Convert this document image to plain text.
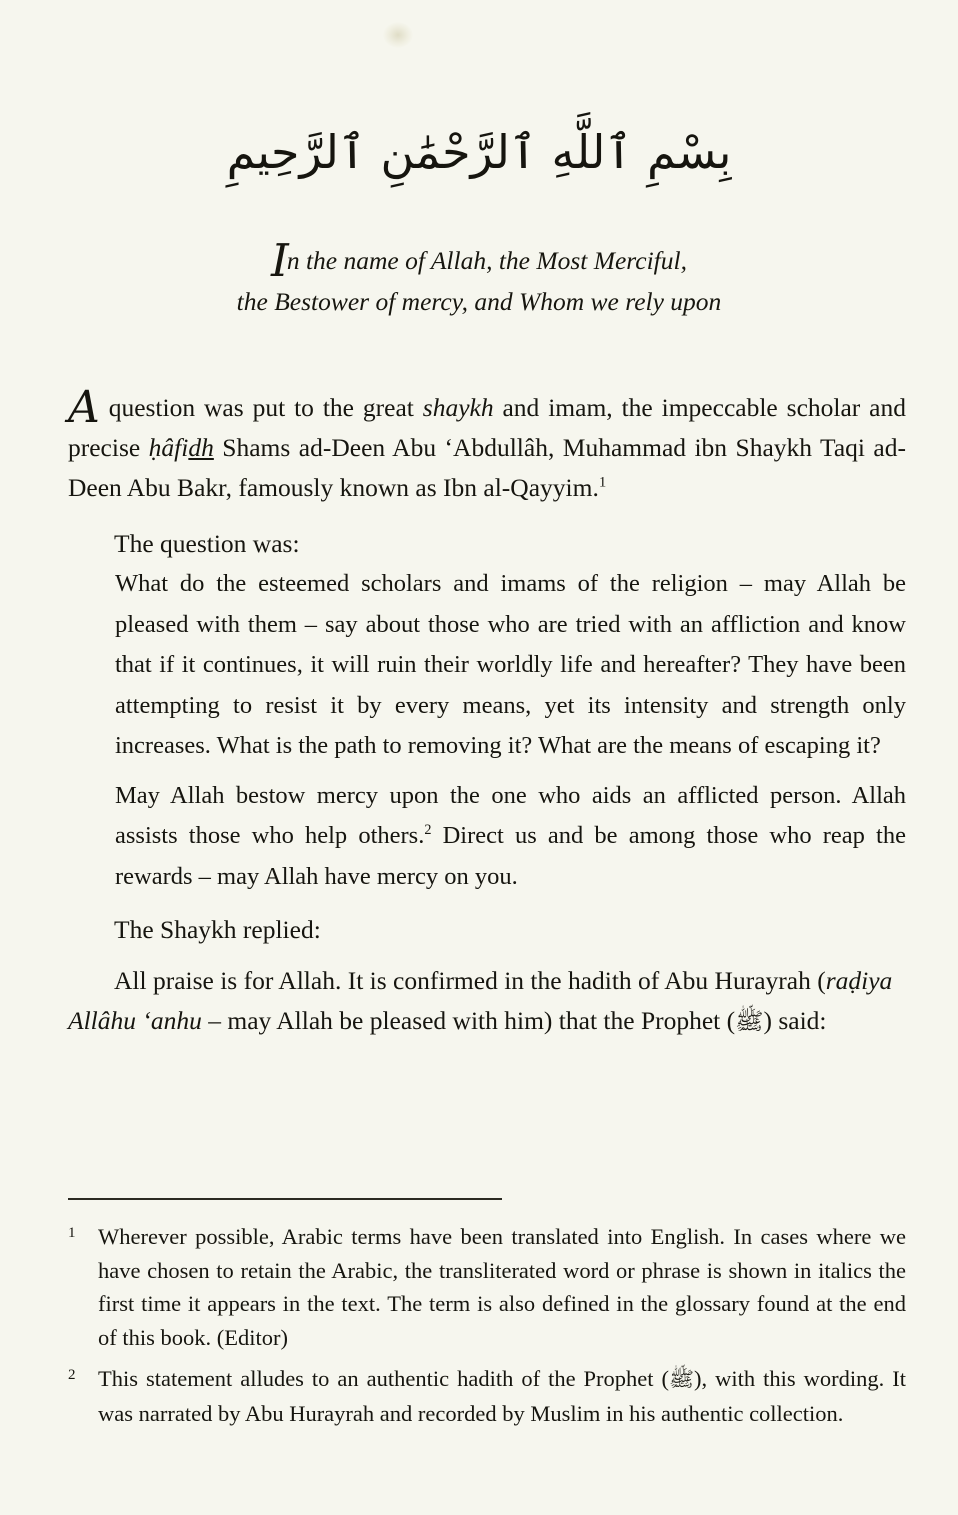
بِسْمِ ٱللَّهِ ٱلرَّحْمَٰنِ ٱلرَّحِيمِ
In the name of Allah, the Most Merciful,
the Bestower of mercy, and Whom we rely upon

A question was put to the great shaykh and imam, the impeccable scholar and precise ḥâfidh Shams ad-Deen Abu ‘Abdullâh, Muhammad ibn Shaykh Taqi ad-Deen Abu Bakr, famously known as Ibn al-Qayyim.$^1$

The question was:

What do the esteemed scholars and imams of the religion – may Allah be pleased with them – say about those who are tried with an affliction and know that if it continues, it will ruin their worldly life and hereafter? They have been attempting to resist it by every means, yet its intensity and strength only increases. What is the path to removing it? What are the means of escaping it?

May Allah bestow mercy upon the one who aids an afflicted person. Allah assists those who help others.$^2$ Direct us and be among those who reap the rewards – may Allah have mercy on you.

The Shaykh replied:

All praise is for Allah. It is confirmed in the hadith of Abu Hurayrah (raḍiya Allâhu ‘anhu – may Allah be pleased with him) that the Prophet (ﷺ) said:

1 Wherever possible, Arabic terms have been translated into English. In cases where we have chosen to retain the Arabic, the transliterated word or phrase is shown in italics the first time it appears in the text. The term is also defined in the glossary found at the end of this book. (Editor)
2 This statement alludes to an authentic hadith of the Prophet (ﷺ), with this wording. It was narrated by Abu Hurayrah and recorded by Muslim in his authentic collection.
